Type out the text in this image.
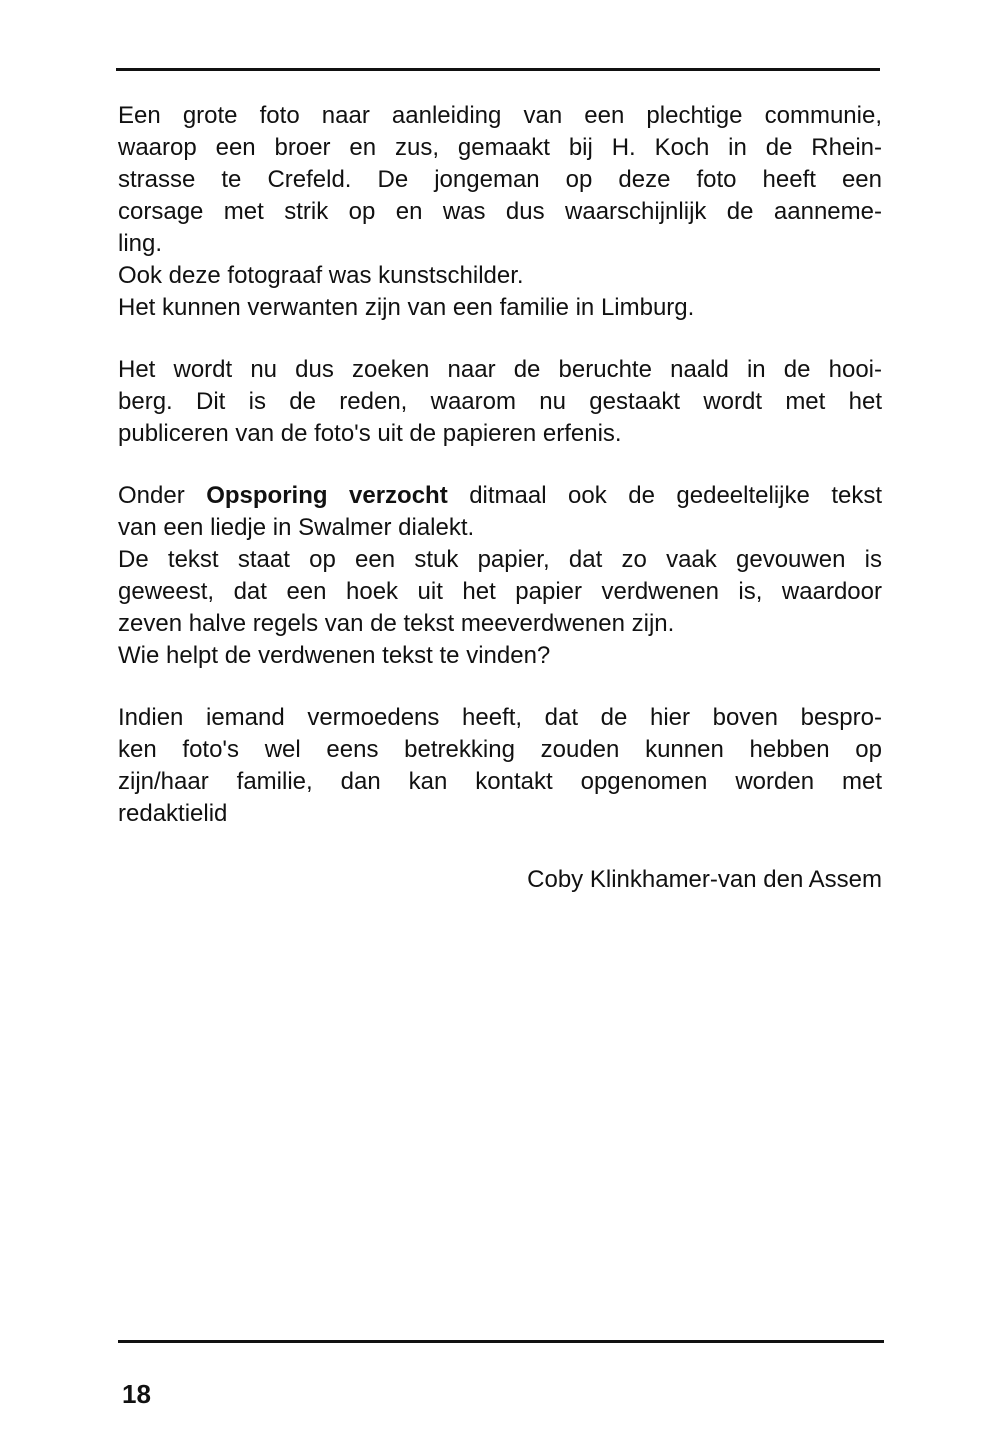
Een grote foto naar aanleiding van een plechtige communie,
waarop een broer en zus, gemaakt bij H. Koch in de Rhein-
strasse te Crefeld. De jongeman op deze foto heeft een
corsage met strik op en was dus waarschijnlijk de aanneme-
ling.
Ook deze fotograaf was kunstschilder.
Het kunnen verwanten zijn van een familie in Limburg.

Het wordt nu dus zoeken naar de beruchte naald in de hooi-
berg. Dit is de reden, waarom nu gestaakt wordt met het
publiceren van de foto's uit de papieren erfenis.

Onder Opsporing verzocht ditmaal ook de gedeeltelijke tekst
van een liedje in Swalmer dialekt.
De tekst staat op een stuk papier, dat zo vaak gevouwen is
geweest, dat een hoek uit het papier verdwenen is, waardoor
zeven halve regels van de tekst meeverdwenen zijn.
Wie helpt de verdwenen tekst te vinden?

Indien iemand vermoedens heeft, dat de hier boven bespro-
ken foto's wel eens betrekking zouden kunnen hebben op
zijn/haar familie, dan kan kontakt opgenomen worden met
redaktielid

Coby Klinkhamer-van den Assem
18
